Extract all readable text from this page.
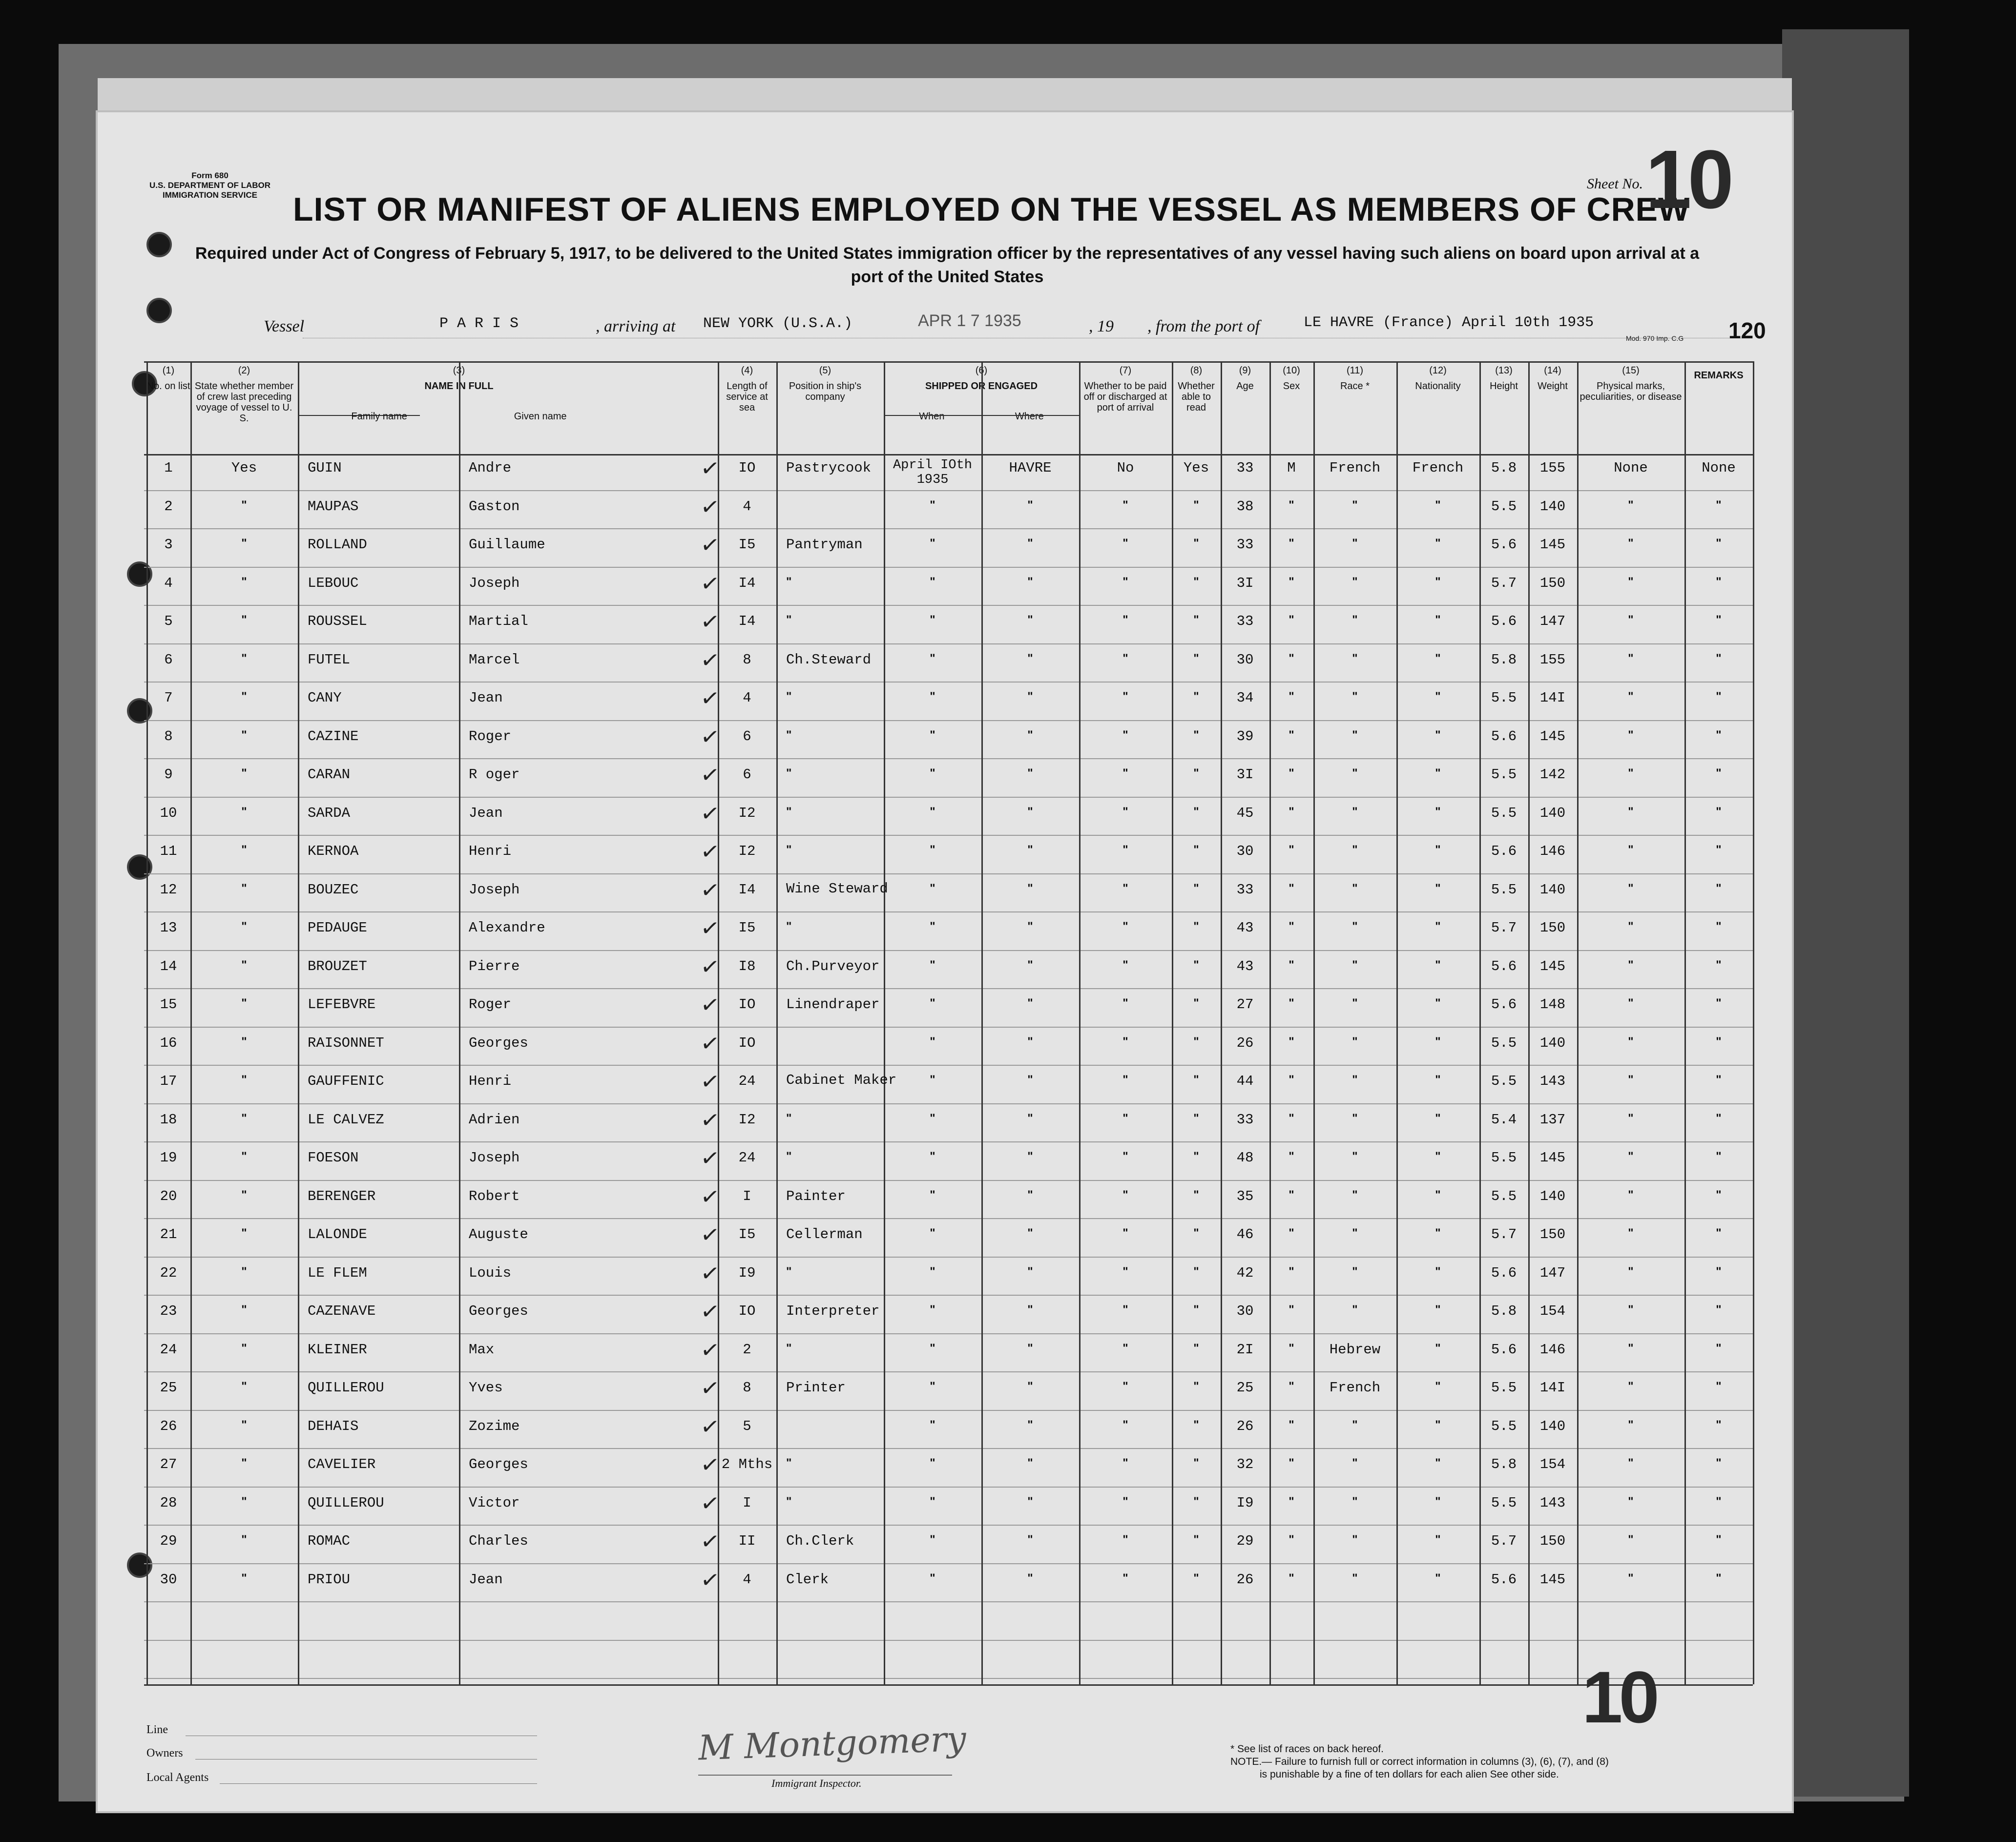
Form 680
U.S. DEPARTMENT OF LABOR
IMMIGRATION SERVICE	LIST OR MANIFEST OF ALIENS EMPLOYED ON THE VESSEL AS MEMBERS OF CREW
Sheet No. 10
Required under Act of Congress of February 5, 1917, to be delivered to the United States immigration officer by the representatives of any vessel having such aliens on board upon arrival at a
port of the United States
Vessel	P A R I S	, arriving at NEW YORK (U.S.A.)	APR 1 7 1935	, 19 , from the port of	LE HAVRE (France) April 10th 1935
Mod. 970 Imp. C.G 120
(1)
No. on list
(2)
State whether member of crew last preceding voyage of vessel to U. S.
(3)
NAME IN FULL
Family name	Given name
(4)
Length of service at sea
(5)
Position in ship's company
(6)
SHIPPED OR ENGAGED
When	Where
(7)
Whether to be paid off or discharged at port of arrival
(8)
Whether able to read
(9)
Age
(10)
Sex
(11)
Race *
(12)
Nationality
(13)
Height
(14)
Weight
(15)
Physical marks, peculiarities, or disease
REMARKS
1	Yes	GUIN	Andre	IO	Pastrycook	April IOth 1935
HAVRE	No	Yes	33	M	French	French	5.8	155	None	None
✓
2	"	MAUPAS	Gaston	4	"	"	"	"	38	"	"	"	5.5	140	"	"
✓
3	"	ROLLAND	Guillaume	I5	Pantryman	"	"	"	"	33	"	"	"	5.6	145	"	"
✓
4	"	LEBOUC	Joseph	I4	"	"	"	"	"	3I	"	"	"	5.7	150	"	"
✓
5	"	ROUSSEL	Martial	I4	"	"	"	"	"	33	"	"	"	5.6	147	"	"
✓
6	"	FUTEL	Marcel	8	Ch.Steward	"	"	"	"	30	"	"	"	5.8	155	"	"
✓
7	"	CANY	Jean	4	"	"	"	"	"	34	"	"	"	5.5	14I	"	"
✓
8	"	CAZINE	Roger	6	"	"	"	"	"	39	"	"	"	5.6	145	"	"
✓
9	"	CARAN	R oger	6	"	"	"	"	"	3I	"	"	"	5.5	142	"	"
✓
10	"	SARDA	Jean	I2	"	"	"	"	"	45	"	"	"	5.5	140	"	"
✓
11	"	KERNOA	Henri	I2	"	"	"	"	"	30	"	"	"	5.6	146	"	"
✓
12	"	BOUZEC	Joseph	I4	Wine Steward	"	"	"	"	33	"	"	"	5.5	140	"	"
✓
13	"	PEDAUGE	Alexandre	I5	"	"	"	"	"	43	"	"	"	5.7	150	"	"
✓
14	"	BROUZET	Pierre	I8	Ch.Purveyor	"	"	"	"	43	"	"	"	5.6	145	"	"
✓
15	"	LEFEBVRE	Roger	IO	Linendraper	"	"	"	"	27	"	"	"	5.6	148	"	"
✓
16	"	RAISONNET	Georges	IO	"	"	"	"	26	"	"	"	5.5	140	"	"
✓
17	"	GAUFFENIC	Henri	24	Cabinet Maker	"	"	"	"	44	"	"	"	5.5	143	"	"
✓
18	"	LE CALVEZ	Adrien	I2	"	"	"	"	"	33	"	"	"	5.4	137	"	"
✓
19	"	FOESON	Joseph	24	"	"	"	"	"	48	"	"	"	5.5	145	"	"
✓
20	"	BERENGER	Robert	I	Painter	"	"	"	"	35	"	"	"	5.5	140	"	"
✓
21	"	LALONDE	Auguste	I5	Cellerman	"	"	"	"	46	"	"	"	5.7	150	"	"
✓
22	"	LE FLEM	Louis	I9	"	"	"	"	"	42	"	"	"	5.6	147	"	"
✓
23	"	CAZENAVE	Georges	IO	Interpreter	"	"	"	"	30	"	"	"	5.8	154	"	"
✓
24	"	KLEINER	Max	2	"	"	"	"	"	2I	"	Hebrew	"	5.6	146	"	"
✓
25	"	QUILLEROU	Yves	8	Printer	"	"	"	"	25	"	French	"	5.5	14I	"	"
✓
26	"	DEHAIS	Zozime	5	"	"	"	"	26	"	"	"	5.5	140	"	"
✓
27	"	CAVELIER	Georges	2 Mths	"	"	"	"	"	32	"	"	"	5.8	154	"	"
✓
28	"	QUILLEROU	Victor	I	"	"	"	"	"	I9	"	"	"	5.5	143	"	"
✓
29	"	ROMAC	Charles	II	Ch.Clerk	"	"	"	"	29	"	"	"	5.7	150	"	"
✓
30	"	PRIOU	Jean	4	Clerk	"	"	"	"	26	"	"	"	5.6	145	"	"
✓
Line
Owners
Local Agents
M Montgomery
Immigrant Inspector.
10
* See list of races on back hereof.
NOTE.— Failure to furnish full or correct information in columns (3), (6), (7), and (8)
is punishable by a fine of ten dollars for each alien See other side.
